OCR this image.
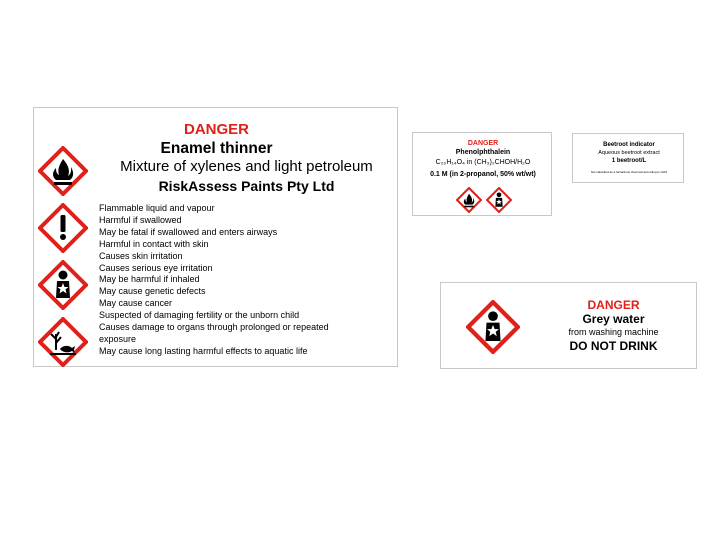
DANGER
Enamel thinner
Mixture of xylenes and light petroleum
RiskAssess Paints Pty Ltd
Flammable liquid and vapour
Harmful if swallowed
May be fatal if swallowed and enters airways
Harmful in contact with skin
Causes skin irritation
Causes serious eye irritation
May be harmful if inhaled
May cause genetic defects
May cause cancer
Suspected of damaging fertility or the unborn child
Causes damage to organs through prolonged or repeated
exposure
May cause long lasting harmful effects to aquatic life
DANGER
Phenolphthalein
C₂₀H₁₄O₄ in (CH₃)₂CHOH/H₂O
0.1 M (in 2-propanol, 50% wt/wt)
Beetroot indicator
Aqueous beetroot extract
1 beetroot/L
Not classified as a hazardous chemical according to GHS
DANGER
Grey water
from washing machine
DO NOT DRINK
